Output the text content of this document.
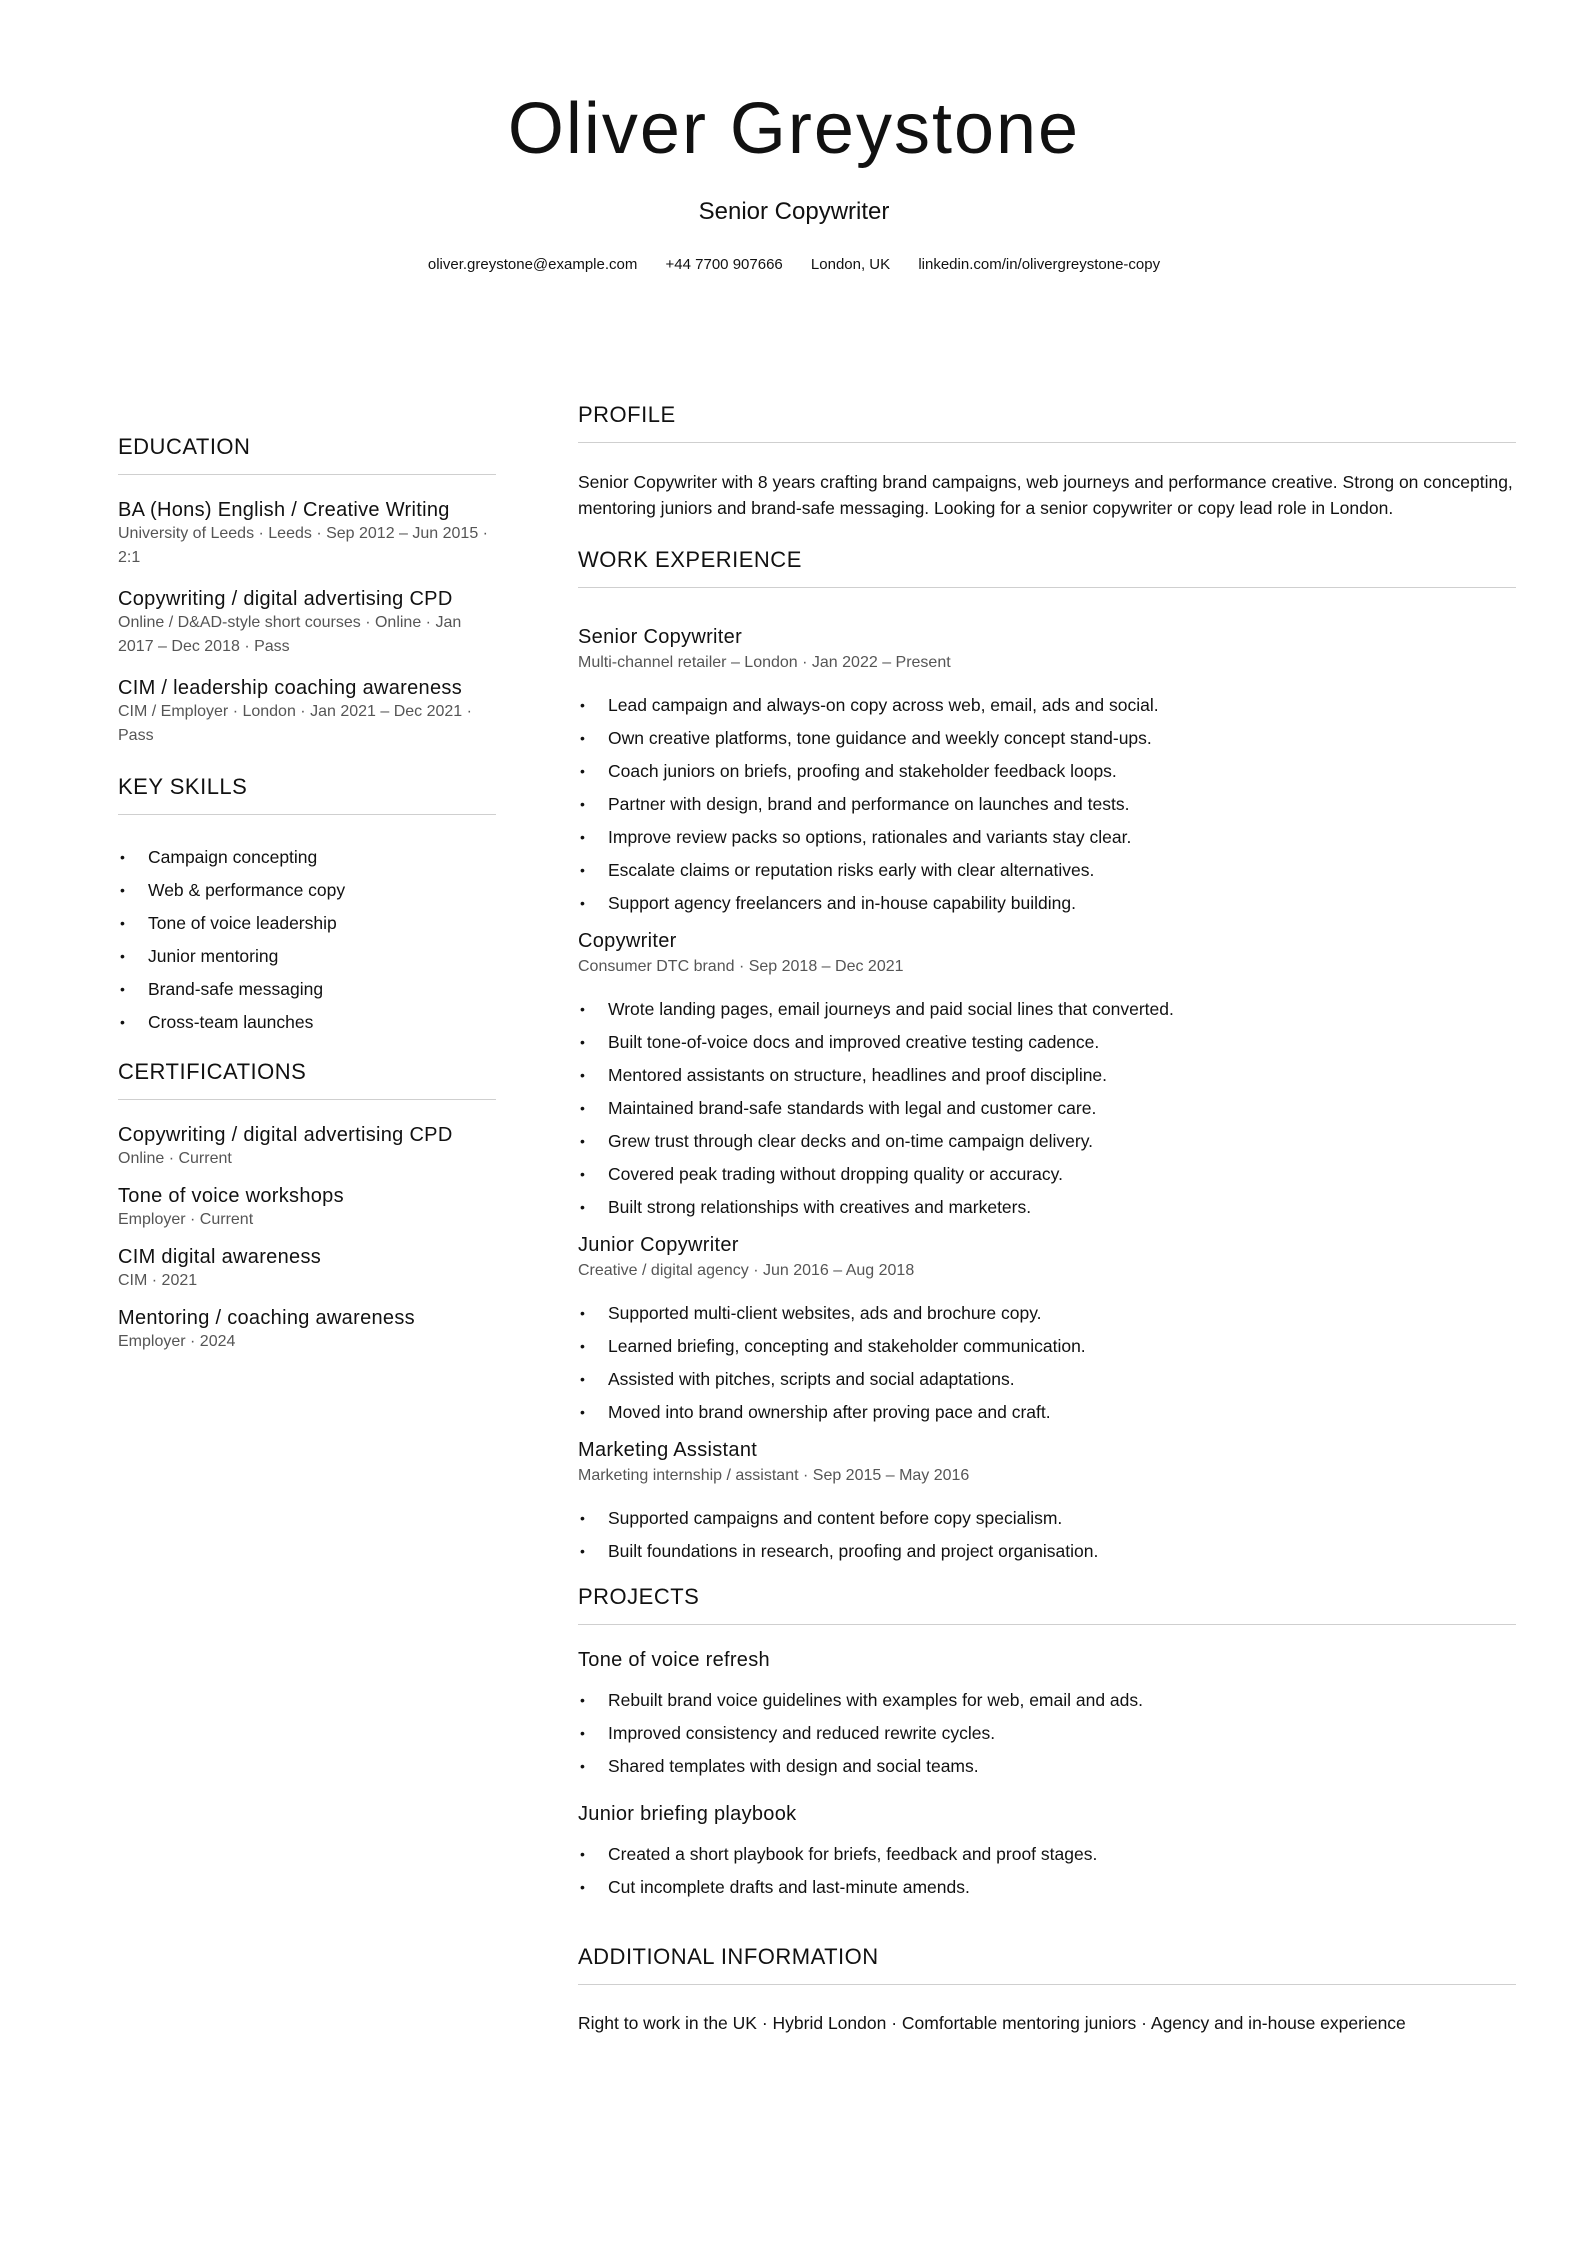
Oliver Greystone
Senior Copywriter
oliver.greystone@example.com +44 7700 907666 London, UK linkedin.com/in/olivergreystone-copy
EDUCATION
BA (Hons) English / Creative Writing
University of Leeds · Leeds · Sep 2012 – Jun 2015 · 2:1
Copywriting / digital advertising CPD
Online / D&AD-style short courses · Online · Jan 2017 – Dec 2018 · Pass
CIM / leadership coaching awareness
CIM / Employer · London · Jan 2021 – Dec 2021 · Pass
KEY SKILLS
• Campaign concepting
• Web & performance copy
• Tone of voice leadership
• Junior mentoring
• Brand-safe messaging
• Cross-team launches
CERTIFICATIONS
Copywriting / digital advertising CPD
Online · Current
Tone of voice workshops
Employer · Current
CIM digital awareness
CIM · 2021
Mentoring / coaching awareness
Employer · 2024
PROFILE
Senior Copywriter with 8 years crafting brand campaigns, web journeys and performance creative. Strong on concepting, mentoring juniors and brand-safe messaging. Looking for a senior copywriter or copy lead role in London.
WORK EXPERIENCE
Senior Copywriter
Multi-channel retailer – London · Jan 2022 – Present
• Lead campaign and always-on copy across web, email, ads and social.
• Own creative platforms, tone guidance and weekly concept stand-ups.
• Coach juniors on briefs, proofing and stakeholder feedback loops.
• Partner with design, brand and performance on launches and tests.
• Improve review packs so options, rationales and variants stay clear.
• Escalate claims or reputation risks early with clear alternatives.
• Support agency freelancers and in-house capability building.
Copywriter
Consumer DTC brand · Sep 2018 – Dec 2021
• Wrote landing pages, email journeys and paid social lines that converted.
• Built tone-of-voice docs and improved creative testing cadence.
• Mentored assistants on structure, headlines and proof discipline.
• Maintained brand-safe standards with legal and customer care.
• Grew trust through clear decks and on-time campaign delivery.
• Covered peak trading without dropping quality or accuracy.
• Built strong relationships with creatives and marketers.
Junior Copywriter
Creative / digital agency · Jun 2016 – Aug 2018
• Supported multi-client websites, ads and brochure copy.
• Learned briefing, concepting and stakeholder communication.
• Assisted with pitches, scripts and social adaptations.
• Moved into brand ownership after proving pace and craft.
Marketing Assistant
Marketing internship / assistant · Sep 2015 – May 2016
• Supported campaigns and content before copy specialism.
• Built foundations in research, proofing and project organisation.
PROJECTS
Tone of voice refresh
• Rebuilt brand voice guidelines with examples for web, email and ads.
• Improved consistency and reduced rewrite cycles.
• Shared templates with design and social teams.
Junior briefing playbook
• Created a short playbook for briefs, feedback and proof stages.
• Cut incomplete drafts and last-minute amends.
ADDITIONAL INFORMATION
Right to work in the UK · Hybrid London · Comfortable mentoring juniors · Agency and in-house experience
